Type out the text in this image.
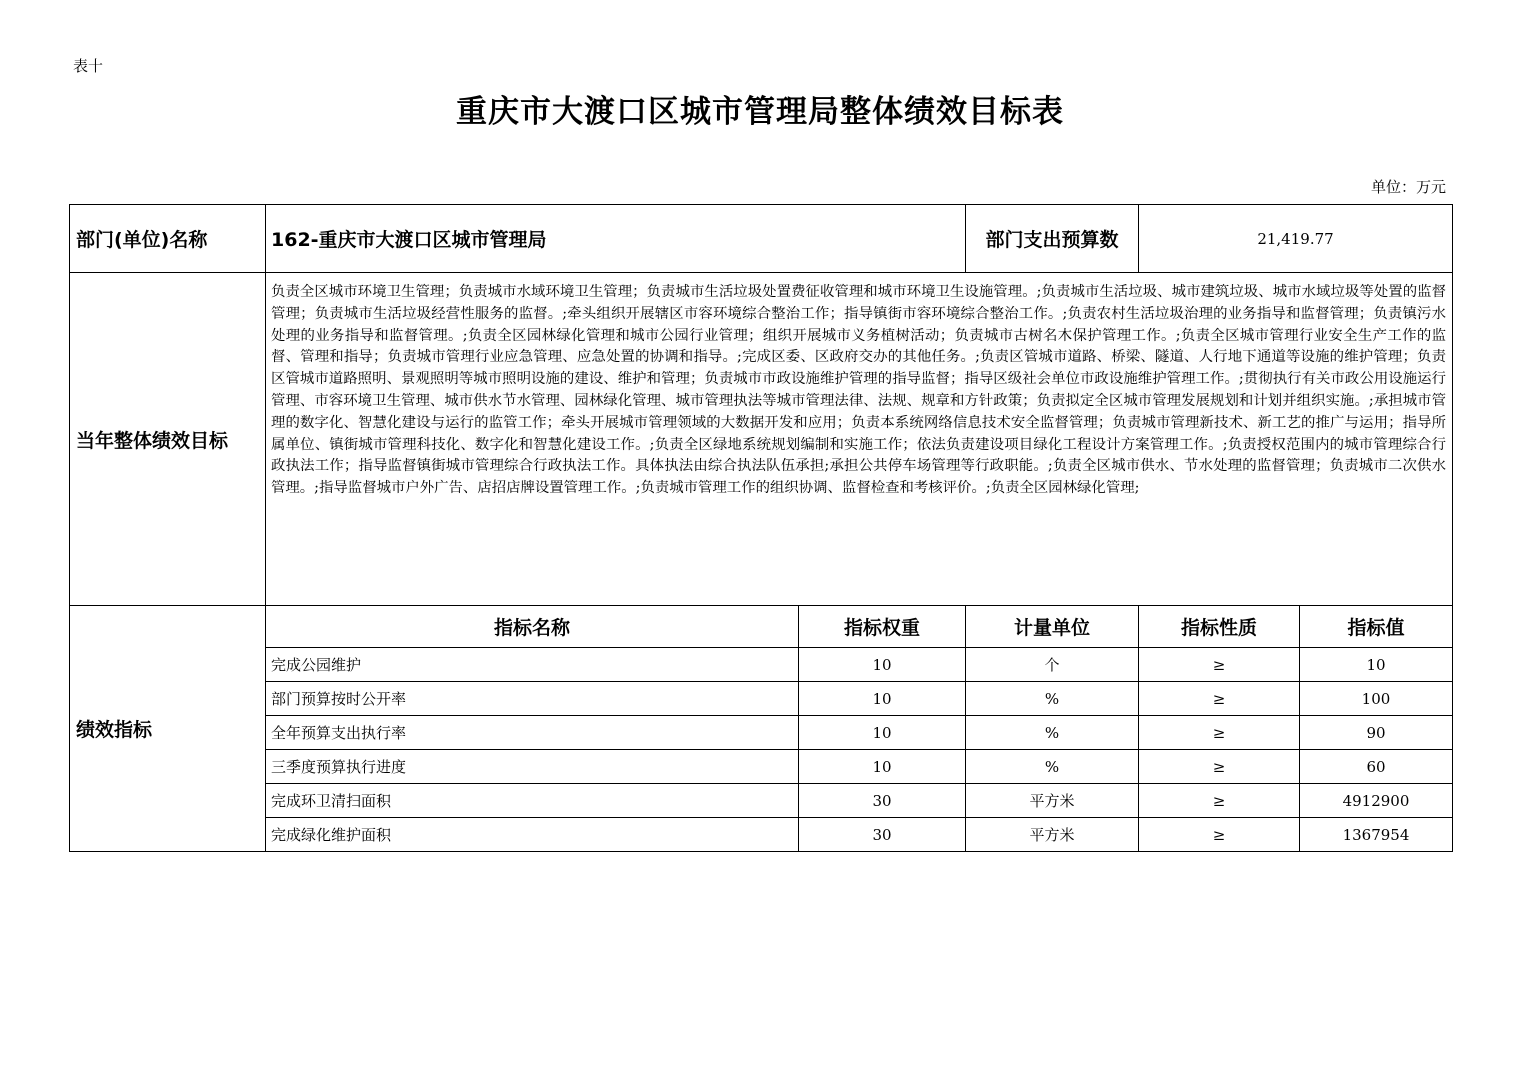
表十
重庆市大渡口区城市管理局整体绩效目标表
单位：万元
部门(单位)名称	162-重庆市大渡口区城市管理局		部门支出预算数	21,419.77	
当年整体绩效目标	负责全区城市环境卫生管理；负责城市水域环境卫生管理；负责城市生活垃圾处置费征收管理和城市环境卫生设施管理。;负责城市生活垃圾、城市建筑垃圾、城市水域垃圾等处置的监督管理；负责城市生活垃圾经营性服务的监督。;牵头组织开展辖区市容环境综合整治工作；指导镇街市容环境综合整治工作。;负责农村生活垃圾治理的业务指导和监督管理；负责镇污水处理的业务指导和监督管理。;负责全区园林绿化管理和城市公园行业管理；组织开展城市义务植树活动；负责城市古树名木保护管理工作。;负责全区城市管理行业安全生产工作的监督、管理和指导；负责城市管理行业应急管理、应急处置的协调和指导。;完成区委、区政府交办的其他任务。;负责区管城市道路、桥梁、隧道、人行地下通道等设施的维护管理；负责区管城市道路照明、景观照明等城市照明设施的建设、维护和管理；负责城市市政设施维护管理的指导监督；指导区级社会单位市政设施维护管理工作。;贯彻执行有关市政公用设施运行管理、市容环境卫生管理、城市供水节水管理、园林绿化管理、城市管理执法等城市管理法律、法规、规章和方针政策；负责拟定全区城市管理发展规划和计划并组织实施。;承担城市管理的数字化、智慧化建设与运行的监管工作；牵头开展城市管理领域的大数据开发和应用；负责本系统网络信息技术安全监督管理；负责城市管理新技术、新工艺的推广与运用；指导所属单位、镇街城市管理科技化、数字化和智慧化建设工作。;负责全区绿地系统规划编制和实施工作；依法负责建设项目绿化工程设计方案管理工作。;负责授权范围内的城市管理综合行政执法工作；指导监督镇街城市管理综合行政执法工作。具体执法由综合执法队伍承担;承担公共停车场管理等行政职能。;负责全区城市供水、节水处理的监督管理；负责城市二次供水管理。;指导监督城市户外广告、店招店牌设置管理工作。;负责城市管理工作的组织协调、监督检查和考核评价。;负责全区园林绿化管理;				
绩效指标	指标名称	指标权重	计量单位	指标性质	指标值
	完成公园维护	10	个	≥	10
	部门预算按时公开率	10	%	≥	100
	全年预算支出执行率	10	%	≥	90
	三季度预算执行进度	10	%	≥	60
	完成环卫清扫面积	30	平方米	≥	4912900
	完成绿化维护面积	30	平方米	≥	1367954
